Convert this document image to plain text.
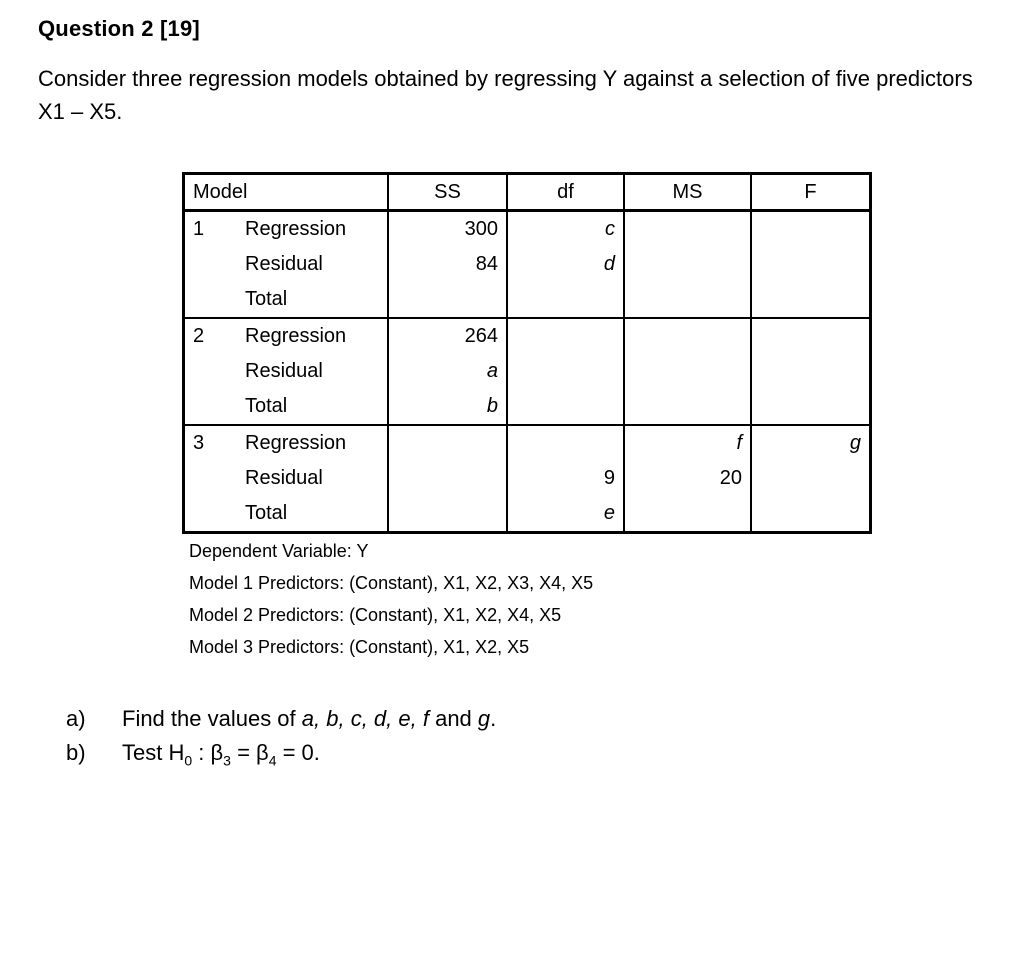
Question 2 [19]
Consider three regression models obtained by regressing Y against a selection of five predictors X1 – X5.
Model	SS	df	MS	F
1 Regression	300	c		
Residual	84	d		
Total				
2 Regression	264			
Residual	a			
Total	b			
3 Regression			f	g
Residual		9	20	
Total		e		
Dependent Variable: Y
Model 1 Predictors: (Constant), X1, X2, X3, X4, X5
Model 2 Predictors: (Constant), X1, X2, X4, X5
Model 3 Predictors: (Constant), X1, X2, X5
a)	Find the values of a, b, c, d, e, f and g.
b)	Test $H_0$ : $\beta_3 = \beta_4 = 0$.
